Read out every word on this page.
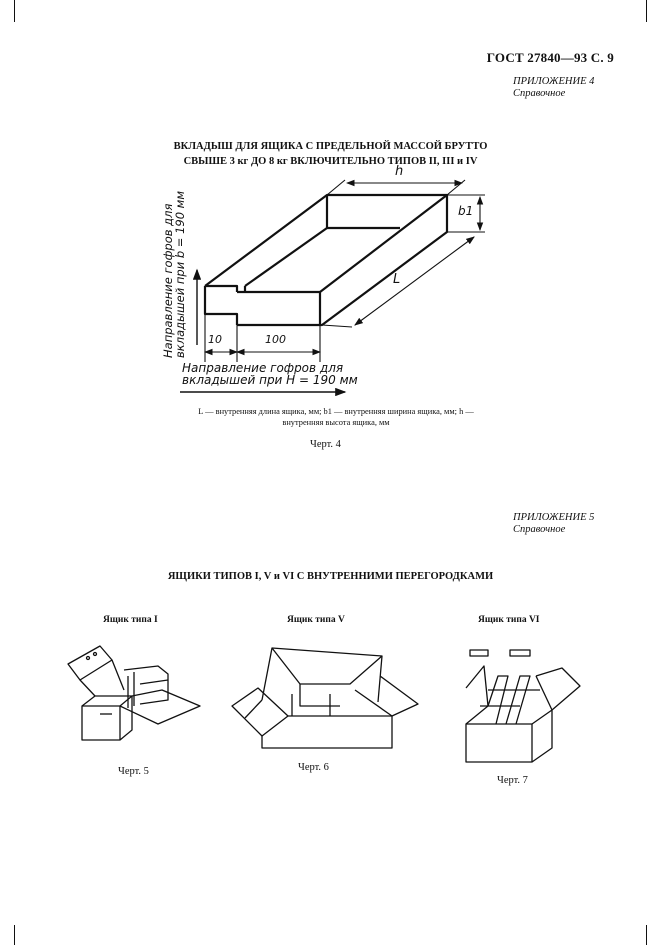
ГОСТ 27840—93 С. 9
ПРИЛОЖЕНИЕ 4
Справочное
ВКЛАДЫШ ДЛЯ ЯЩИКА С ПРЕДЕЛЬНОЙ МАССОЙ БРУТТО
СВЫШЕ 3 кг ДО 8 кг ВКЛЮЧИТЕЛЬНО ТИПОВ II, III и IV
h
b1
L
10	100
Направление гофров для
вкладышей при b = 190 мм
Направление гофров для
вкладышей при H = 190 мм
L — внутренняя длина ящика, мм; b1 — внутренняя ширина ящика, мм; h —
внутренняя высота ящика, мм
Черт. 4
ПРИЛОЖЕНИЕ 5
Справочное
ЯЩИКИ ТИПОВ I, V и VI С ВНУТРЕННИМИ ПЕРЕГОРОДКАМИ
Ящик типа I	Ящик типа V	Ящик типа VI
Черт. 5	Черт. 6
Черт. 7
